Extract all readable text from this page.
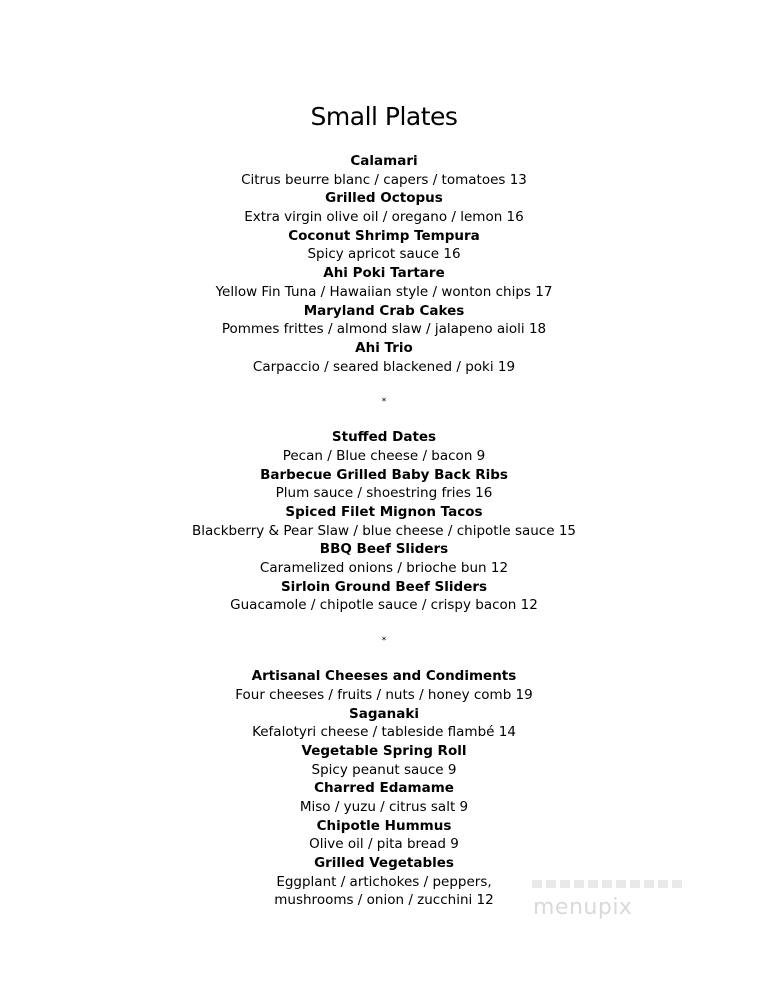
Small Plates
Calamari
Citrus beurre blanc / capers / tomatoes 13
Grilled Octopus
Extra virgin olive oil / oregano / lemon 16
Coconut Shrimp Tempura
Spicy apricot sauce 16
Ahi Poki Tartare
Yellow Fin Tuna / Hawaiian style / wonton chips 17
Maryland Crab Cakes
Pommes frittes / almond slaw / jalapeno aioli 18
Ahi Trio
Carpaccio / seared blackened / poki 19
*
Stuffed Dates
Pecan / Blue cheese / bacon 9
Barbecue Grilled Baby Back Ribs
Plum sauce / shoestring fries 16
Spiced Filet Mignon Tacos
Blackberry & Pear Slaw / blue cheese / chipotle sauce 15
BBQ Beef Sliders
Caramelized onions / brioche bun 12
Sirloin Ground Beef Sliders
Guacamole / chipotle sauce / crispy bacon 12
*
Artisanal Cheeses and Condiments
Four cheeses / fruits / nuts / honey comb 19
Saganaki
Kefalotyri cheese / tableside flambé 14
Vegetable Spring Roll
Spicy peanut sauce 9
Charred Edamame
Miso / yuzu / citrus salt 9
Chipotle Hummus
Olive oil / pita bread 9
Grilled Vegetables
Eggplant / artichokes / peppers,
mushrooms / onion / zucchini 12	menupix
